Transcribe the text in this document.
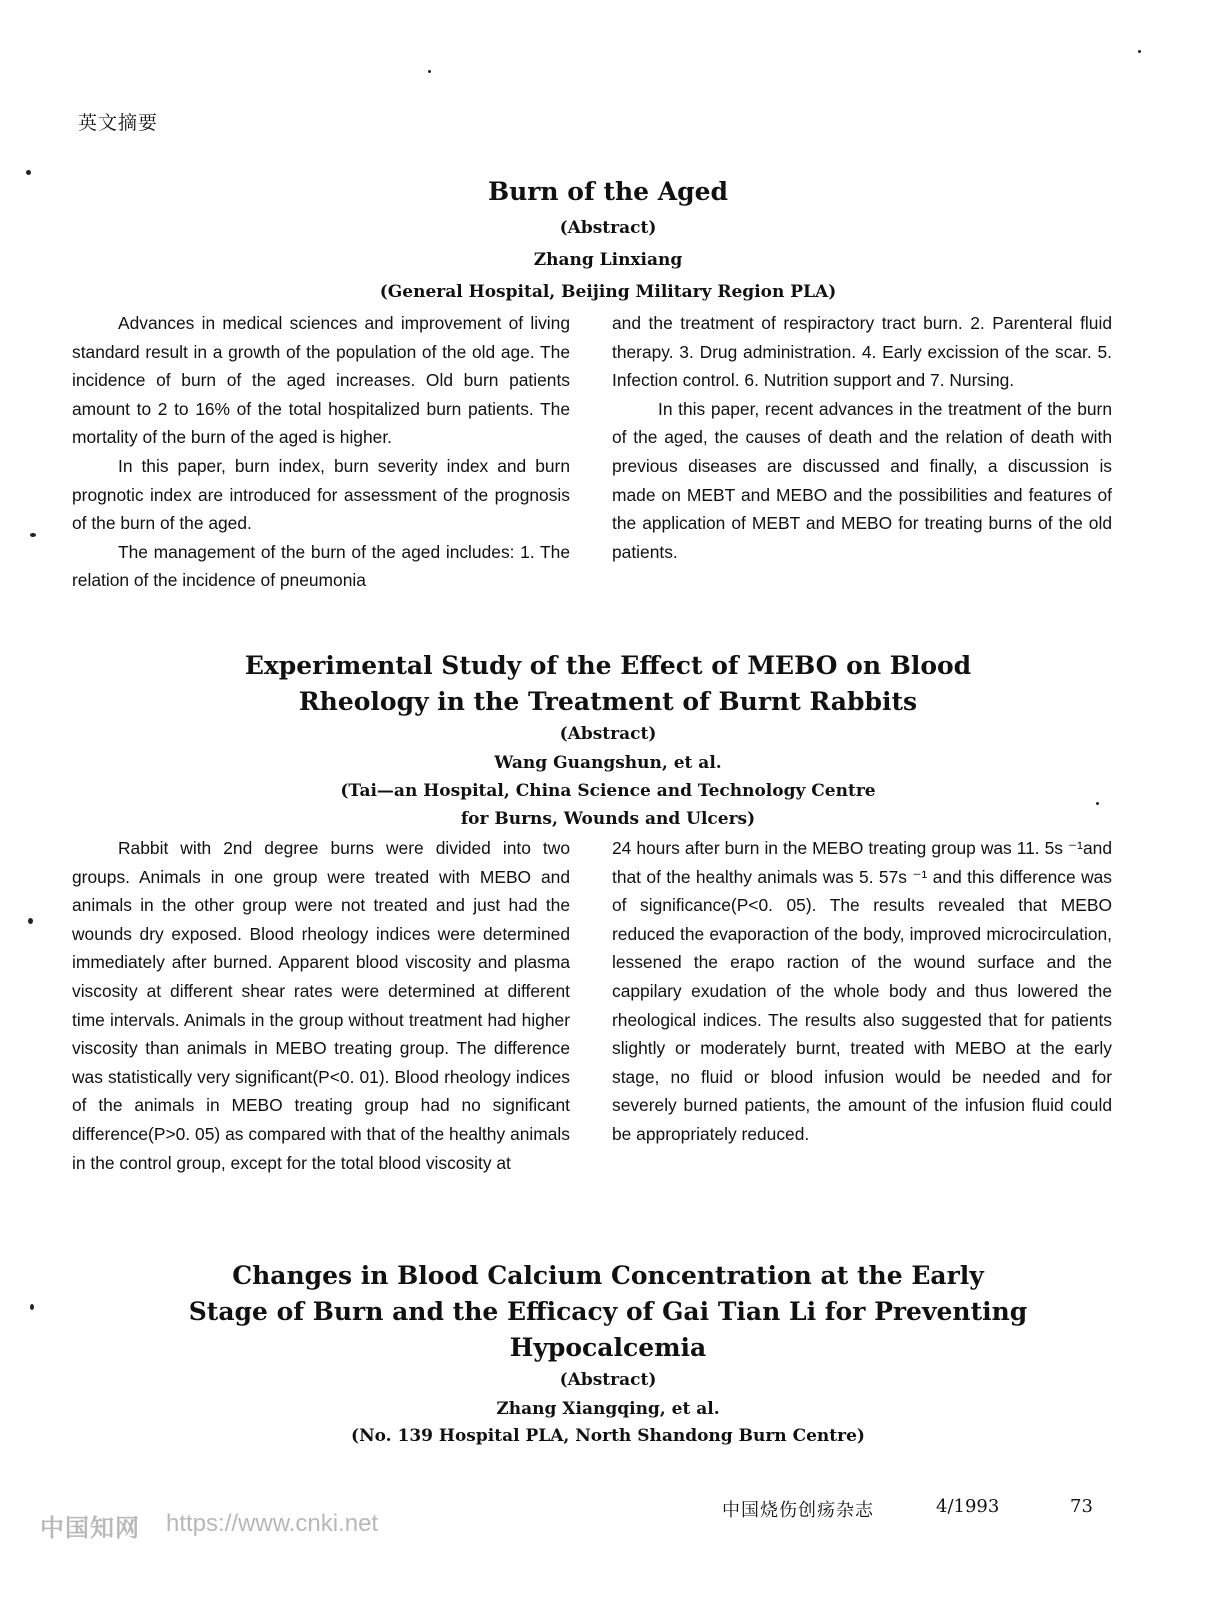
英文摘要
Burn of the Aged
(Abstract)
Zhang Linxiang
(General Hospital, Beijing Military Region PLA)

Advances in medical sciences and improvement of living standard result in a growth of the population of the old age. The incidence of burn of the aged increases. Old burn patients amount to 2 to 16% of the total hospitalized burn patients. The mortality of the burn of the aged is higher.

In this paper, burn index, burn severity index and burn prognotic index are introduced for assessment of the prognosis of the burn of the aged.

The management of the burn of the aged includes: 1. The relation of the incidence of pneumonia

and the treatment of respiractory tract burn. 2. Parenteral fluid therapy. 3. Drug administration. 4. Early excission of the scar. 5. Infection control. 6. Nutrition support and 7. Nursing.

In this paper, recent advances in the treatment of the burn of the aged, the causes of death and the relation of death with previous diseases are discussed and finally, a discussion is made on MEBT and MEBO and the possibilities and features of the application of MEBT and MEBO for treating burns of the old patients.

Experimental Study of the Effect of MEBO on Blood
Rheology in the Treatment of Burnt Rabbits
(Abstract)
Wang Guangshun, et al.
(Tai—an Hospital, China Science and Technology Centre
for Burns, Wounds and Ulcers)

Rabbit with 2nd degree burns were divided into two groups. Animals in one group were treated with MEBO and animals in the other group were not treated and just had the wounds dry exposed. Blood rheology indices were determined immediately after burned. Apparent blood viscosity and plasma viscosity at different shear rates were determined at different time intervals. Animals in the group without treatment had higher viscosity than animals in MEBO treating group. The difference was statistically very significant(P<0. 01). Blood rheology indices of the animals in MEBO treating group had no significant difference(P>0. 05) as compared with that of the healthy animals in the control group, except for the total blood viscosity at

24 hours after burn in the MEBO treating group was 11. 5s ⁻¹and that of the healthy animals was 5. 57s ⁻¹ and this difference was of significance(P<0. 05). The results revealed that MEBO reduced the evaporaction of the body, improved microcirculation, lessened the erapo raction of the wound surface and the cappilary exudation of the whole body and thus lowered the rheological indices. The results also suggested that for patients slightly or moderately burnt, treated with MEBO at the early stage, no fluid or blood infusion would be needed and for severely burned patients, the amount of the infusion fluid could be appropriately reduced.

Changes in Blood Calcium Concentration at the Early
Stage of Burn and the Efficacy of Gai Tian Li for Preventing
Hypocalcemia
(Abstract)
Zhang Xiangqing, et al.
(No. 139 Hospital PLA, North Shandong Burn Centre)
中国烧伤创疡杂志	4/1993	73
中国知网 https://www.cnki.net
